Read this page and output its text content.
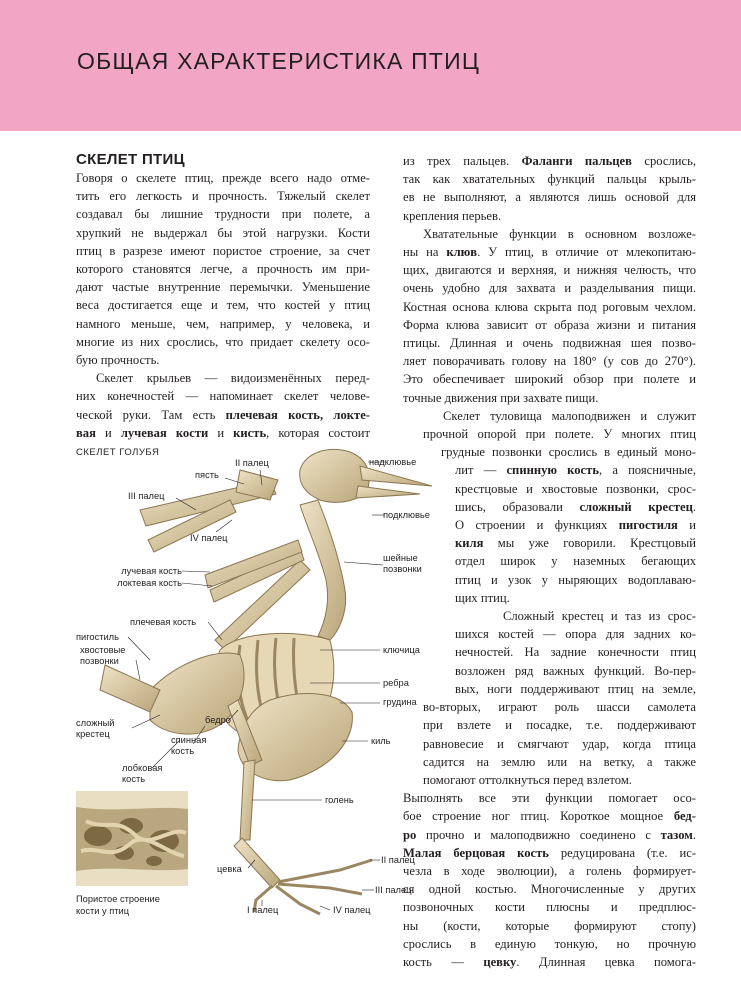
ОБЩАЯ ХАРАКТЕРИСТИКА ПТИЦ
СКЕЛЕТ ПТИЦ
Говоря о скелете птиц, прежде всего надо отме-
тить его легкость и прочность. Тяжелый скелет
создавал бы лишние трудности при полете, а
хрупкий не выдержал бы этой нагрузки. Кости
птиц в разрезе имеют пористое строение, за счет
которого становятся легче, а прочность им при-
дают частые внутренние перемычки. Уменьшение
веса достигается еще и тем, что костей у птиц
намного меньше, чем, например, у человека, и
многие из них срослись, что придает скелету осо-
бую прочность.
Скелет крыльев — видоизменённых перед-
них конечностей — напоминает скелет челове-
ческой руки. Там есть плечевая кость, локте-
вая и лучевая кости и кисть, которая состоит
из трех пальцев. Фаланги пальцев срослись,
так как хватательных функций пальцы крыль-
ев не выполняют, а являются лишь основой для
крепления перьев.
Хватательные функции в основном возложе-
ны на клюв. У птиц, в отличие от млекопитаю-
щих, двигаются и верхняя, и нижняя челюсть, что
очень удобно для захвата и разделывания пищи.
Костная основа клюва скрыта под роговым чехлом.
Форма клюва зависит от образа жизни и питания
птицы. Длинная и очень подвижная шея позво-
ляет поворачивать голову на 180° (у сов до 270°).
Это обеспечивает широкий обзор при полете и
точные движения при захвате пищи.
Скелет туловища малоподвижен и служит
прочной опорой при полете. У многих птиц
грудные позвонки срослись в единый моно-
лит — спинную кость, а поясничные,
крестцовые и хвостовые позвонки, срос-
шись, образовали сложный крестец.
О строении и функциях пигостиля и
киля мы уже говорили. Крестцовый
отдел широк у наземных бегающих
птиц и узок у ныряющих водоплаваю-
щих птиц.
Сложный крестец и таз из срос-
шихся костей — опора для задних ко-
нечностей. На задние конечности птиц
возложен ряд важных функций. Во-пер-
вых, ноги поддерживают птиц на земле,
во-вторых, играют роль шасси самолета
при взлете и посадке, т.е. поддерживают
равновесие и смягчают удар, когда птица
садится на землю или на ветку, а также
помогают оттолкнуться перед взлетом.
Выполнять все эти функции помогает осо-
бое строение ног птиц. Короткое мощное бед-
ро прочно и малоподвижно соединено с тазом.
Малая берцовая кость редуцирована (т.е. ис-
чезла в ходе эволюции), а голень формирует-
ся одной костью. Многочисленные у других
позвоночных кости плюсны и предплюс-
ны (кости, которые формируют стопу)
срослись в единую тонкую, но прочную
кость — цевку. Длинная цевка помога-
СКЕЛЕТ ГОЛУБЯ
II палец
пясть
III палец
IV палец
лучевая кость
локтевая кость
плечевая кость
пигостиль
хвостовые
позвонки
сложный
крестец
спинная
кость
лобковая
кость
бедро
надклювье
подклювье
шейные
позвонки
ключица
ребра
грудина
киль
голень
цевка
II палец
III палец
I палец	IV палец
Пористое строение
кости у птиц
